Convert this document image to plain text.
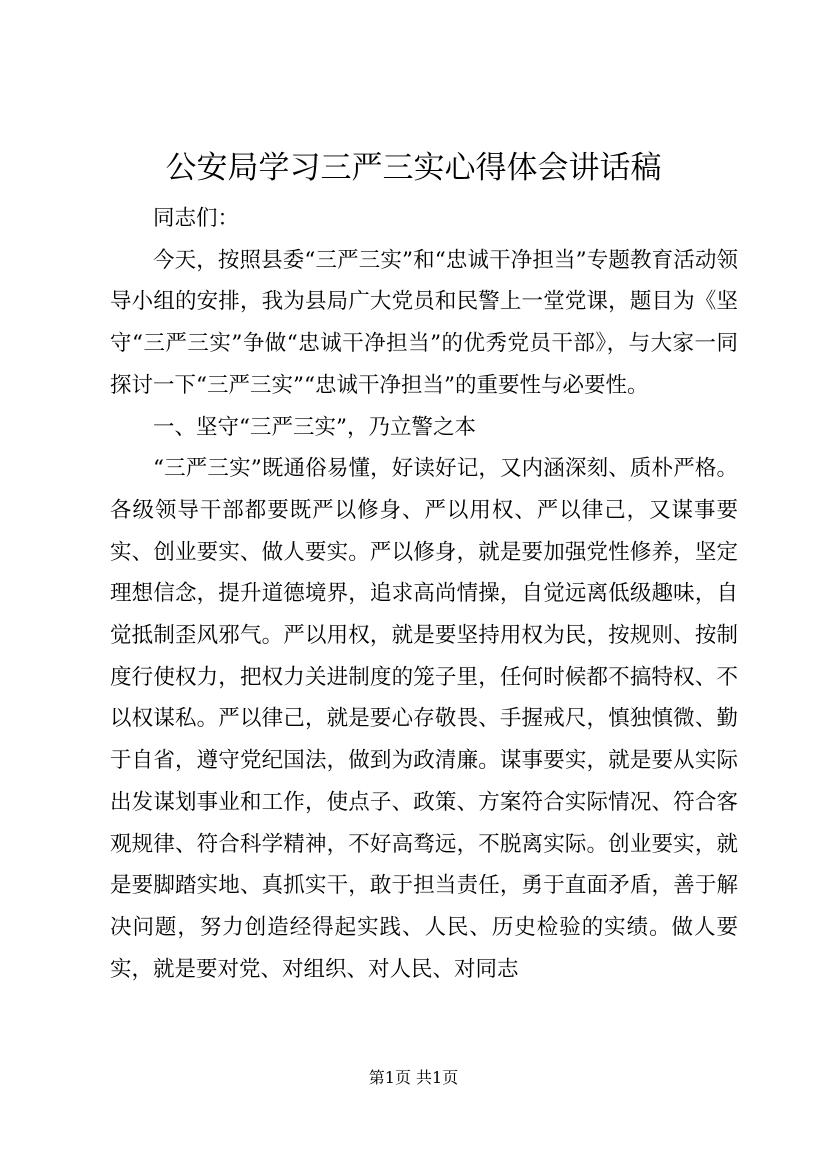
公安局学习三严三实心得体会讲话稿

同志们：

今天，按照县委“三严三实”和“忠诚干净担当”专题教育活动领导小组的安排，我为县局广大党员和民警上一堂党课，题目为《坚守“三严三实”争做“忠诚干净担当”的优秀党员干部》，与大家一同探讨一下“三严三实”“忠诚干净担当”的重要性与必要性。

一、坚守“三严三实”，乃立警之本

“三严三实”既通俗易懂，好读好记，又内涵深刻、质朴严格。各级领导干部都要既严以修身、严以用权、严以律己，又谋事要实、创业要实、做人要实。严以修身，就是要加强党性修养，坚定理想信念，提升道德境界，追求高尚情操，自觉远离低级趣味，自觉抵制歪风邪气。严以用权，就是要坚持用权为民，按规则、按制度行使权力，把权力关进制度的笼子里，任何时候都不搞特权、不以权谋私。严以律己，就是要心存敬畏、手握戒尺，慎独慎微、勤于自省，遵守党纪国法，做到为政清廉。谋事要实，就是要从实际出发谋划事业和工作，使点子、政策、方案符合实际情况、符合客观规律、符合科学精神，不好高骛远，不脱离实际。创业要实，就是要脚踏实地、真抓实干，敢于担当责任，勇于直面矛盾，善于解决问题，努力创造经得起实践、人民、历史检验的实绩。做人要实，就是要对党、对组织、对人民、对同志

第1页 共1页
